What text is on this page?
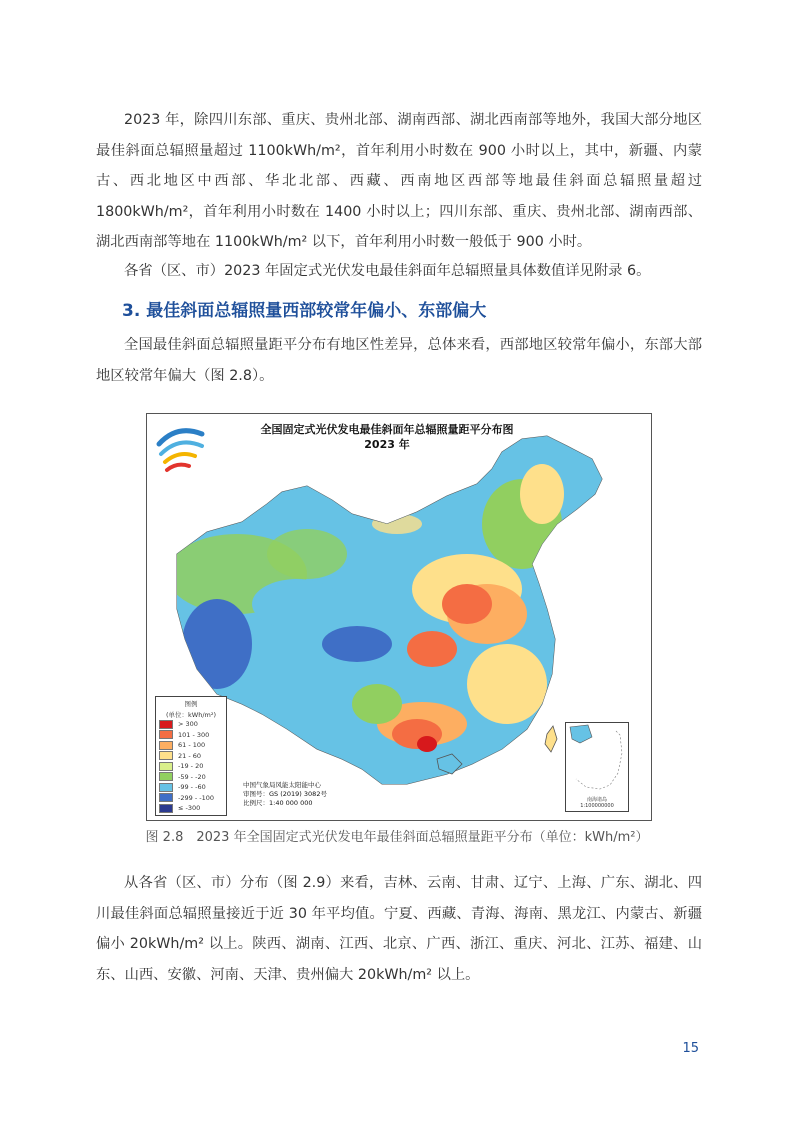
2023 年，除四川东部、重庆、贵州北部、湖南西部、湖北西南部等地外，我国大部分地区最佳斜面总辐照量超过 1100kWh/m²，首年利用小时数在 900 小时以上，其中，新疆、内蒙古、西北地区中西部、华北北部、西藏、西南地区西部等地最佳斜面总辐照量超过 1800kWh/m²，首年利用小时数在 1400 小时以上；四川东部、重庆、贵州北部、湖南西部、湖北西南部等地在 1100kWh/m² 以下，首年利用小时数一般低于 900 小时。

各省（区、市）2023 年固定式光伏发电最佳斜面年总辐照量具体数值详见附录 6。

3. 最佳斜面总辐照量西部较常年偏小、东部偏大

全国最佳斜面总辐照量距平分布有地区性差异，总体来看，西部地区较常年偏小，东部大部地区较常年偏大（图 2.8）。

全国固定式光伏发电最佳斜面年总辐照量距平分布图
2023 年
图例
(单位：kWh/m²)
> 300
101 - 300
61 - 100
21 - 60
-19 - 20
-59 - -20
-99 - -60
-299 - -100
≤ -300
中国气象局风能太阳能中心
审图号：GS (2019) 3082号
比例尺：1:40 000 000	南海诸岛
1:100000000
图 2.8　2023 年全国固定式光伏发电年最佳斜面总辐照量距平分布（单位：kWh/m²）

从各省（区、市）分布（图 2.9）来看，吉林、云南、甘肃、辽宁、上海、广东、湖北、四川最佳斜面总辐照量接近于近 30 年平均值。宁夏、西藏、青海、海南、黑龙江、内蒙古、新疆偏小 20kWh/m² 以上。陕西、湖南、江西、北京、广西、浙江、重庆、河北、江苏、福建、山东、山西、安徽、河南、天津、贵州偏大 20kWh/m² 以上。

15
